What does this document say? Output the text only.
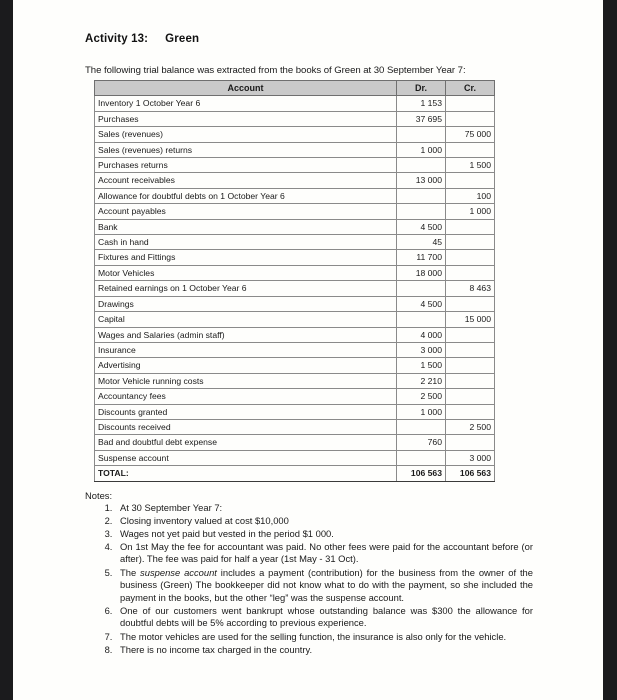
Activity 13: Green
The following trial balance was extracted from the books of Green at 30 September Year 7:
Account	Dr.	Cr.
Inventory 1 October Year 6	1 153	
Purchases	37 695	
Sales (revenues)		75 000
Sales (revenues) returns	1 000	
Purchases returns		1 500
Account receivables	13 000	
Allowance for doubtful debts on 1 October Year 6		100
Account payables		1 000
Bank	4 500	
Cash in hand	45	
Fixtures and Fittings	11 700	
Motor Vehicles	18 000	
Retained earnings on 1 October Year 6		8 463
Drawings	4 500	
Capital		15 000
Wages and Salaries (admin staff)	4 000	
Insurance	3 000	
Advertising	1 500	
Motor Vehicle running costs	2 210	
Accountancy fees	2 500	
Discounts granted	1 000	
Discounts received		2 500
Bad and doubtful debt expense	760	
Suspense account		3 000
TOTAL:	106 563	106 563
Notes:
1. At 30 September Year 7:
2. Closing inventory valued at cost $10,000
3. Wages not yet paid but vested in the period $1 000.
4. On 1st May the fee for accountant was paid. No other fees were paid for the accountant before (or after). The fee was paid for half a year (1st May - 31 Oct).
5. The suspense account includes a payment (contribution) for the business from the owner of the business (Green) The bookkeeper did not know what to do with the payment, so she included the payment in the books, but the other “leg” was the suspense account.
6. One of our customers went bankrupt whose outstanding balance was $300 the allowance for doubtful debts will be 5% according to previous experience.
7. The motor vehicles are used for the selling function, the insurance is also only for the vehicle.
8. There is no income tax charged in the country.
